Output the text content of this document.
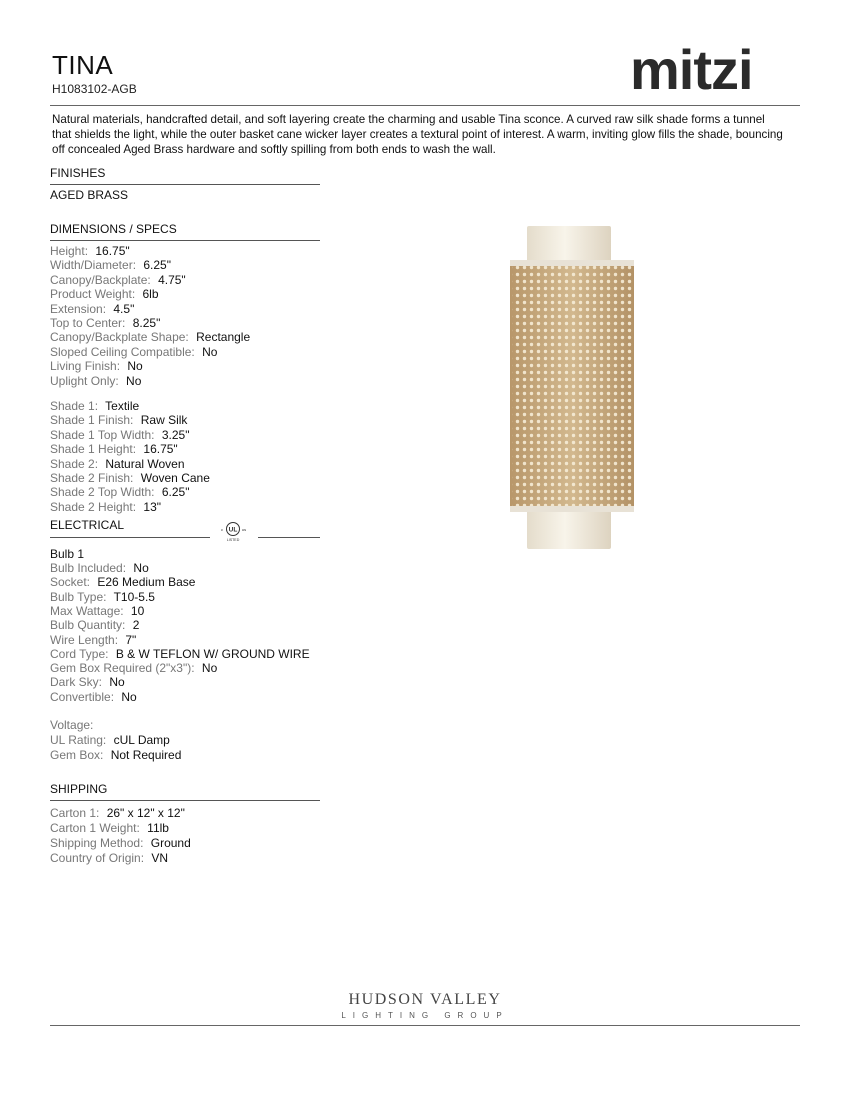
TINA
H1083102-AGB	mitzi
Natural materials, handcrafted detail, and soft layering create the charming and usable Tina sconce. A curved raw silk shade forms a tunnel that shields the light, while the outer basket cane wicker layer creates a textural point of interest. A warm, inviting glow fills the shade, bouncing off concealed Aged Brass hardware and softly spilling from both ends to wash the wall.
FINISHES
AGED BRASS
DIMENSIONS / SPECS
Height: 16.75"
Width/Diameter: 6.25"
Canopy/Backplate: 4.75"
Product Weight: 6lb
Extension: 4.5"
Top to Center: 8.25"
Canopy/Backplate Shape: Rectangle
Sloped Ceiling Compatible: No
Living Finish: No
Uplight Only: No
Shade 1: Textile
Shade 1 Finish: Raw Silk
Shade 1 Top Width: 3.25"
Shade 1 Height: 16.75"
Shade 2: Natural Woven
Shade 2 Finish: Woven Cane
Shade 2 Top Width: 6.25"
Shade 2 Height: 13"
ELECTRICAL	UL
c	us
LISTED
Bulb 1
Bulb Included: No
Socket: E26 Medium Base
Bulb Type: T10-5.5
Max Wattage: 10
Bulb Quantity: 2
Wire Length: 7"
Cord Type: B & W TEFLON W/ GROUND WIRE
Gem Box Required (2"x3"): No
Dark Sky: No
Convertible: No
Voltage:
UL Rating: cUL Damp
Gem Box: Not Required
SHIPPING
Carton 1: 26" x 12" x 12"
Carton 1 Weight: 11lb
Shipping Method: Ground
Country of Origin: VN
HUDSON VALLEY
LIGHTING GROUP
